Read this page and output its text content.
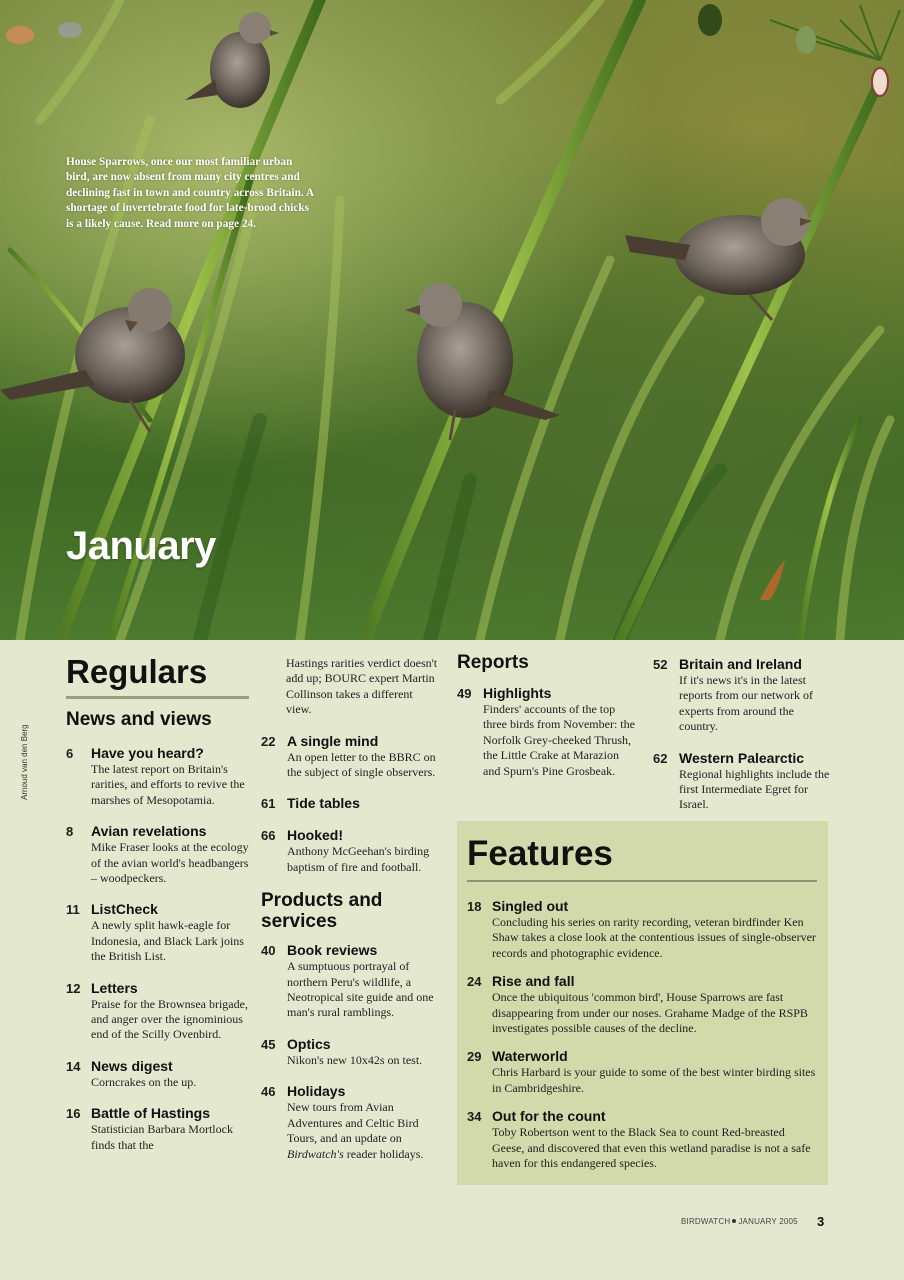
House Sparrows, once our most familiar urban bird, are now absent from many city centres and declining fast in town and country across Britain. A shortage of invertebrate food for late-brood chicks is a likely cause. Read more on page 24.
January
Arnoud van den Berg
Regulars
News and views
6 Have you heard?
The latest report on Britain's rarities, and efforts to revive the marshes of Mesopotamia.
8 Avian revelations
Mike Fraser looks at the ecology of the avian world's headbangers – woodpeckers.
11 ListCheck
A newly split hawk-eagle for Indonesia, and Black Lark joins the British List.
12 Letters
Praise for the Brownsea brigade, and anger over the ignominious end of the Scilly Ovenbird.
14 News digest
Corncrakes on the up.
16 Battle of Hastings
Statistician Barbara Mortlock finds that the
Hastings rarities verdict doesn't add up; BOURC expert Martin Collinson takes a different view.
22 A single mind
An open letter to the BBRC on the subject of single observers.
61 Tide tables
66 Hooked!
Anthony McGeehan's birding baptism of fire and football.
Products and services
40 Book reviews
A sumptuous portrayal of northern Peru's wildlife, a Neotropical site guide and one man's rural ramblings.
45 Optics
Nikon's new 10x42s on test.
46 Holidays
New tours from Avian Adventures and Celtic Bird Tours, and an update on Birdwatch's reader holidays.
Reports
49 Highlights
Finders' accounts of the top three birds from November: the Norfolk Grey-cheeked Thrush, the Little Crake at Marazion and Spurn's Pine Grosbeak.
52 Britain and Ireland
If it's news it's in the latest reports from our network of experts from around the country.
62 Western Palearctic
Regional highlights include the first Intermediate Egret for Israel.
Features
18 Singled out
Concluding his series on rarity recording, veteran birdfinder Ken Shaw takes a close look at the contentious issues of single-observer records and photographic evidence.
24 Rise and fall
Once the ubiquitous 'common bird', House Sparrows are fast disappearing from under our noses. Grahame Madge of the RSPB investigates possible causes of the decline.
29 Waterworld
Chris Harbard is your guide to some of the best winter birding sites in Cambridgeshire.
34 Out for the count
Toby Robertson went to the Black Sea to count Red-breasted Geese, and discovered that even this wetland paradise is not a safe haven for this endangered species.
BIRDWATCH JANUARY 2005 3
